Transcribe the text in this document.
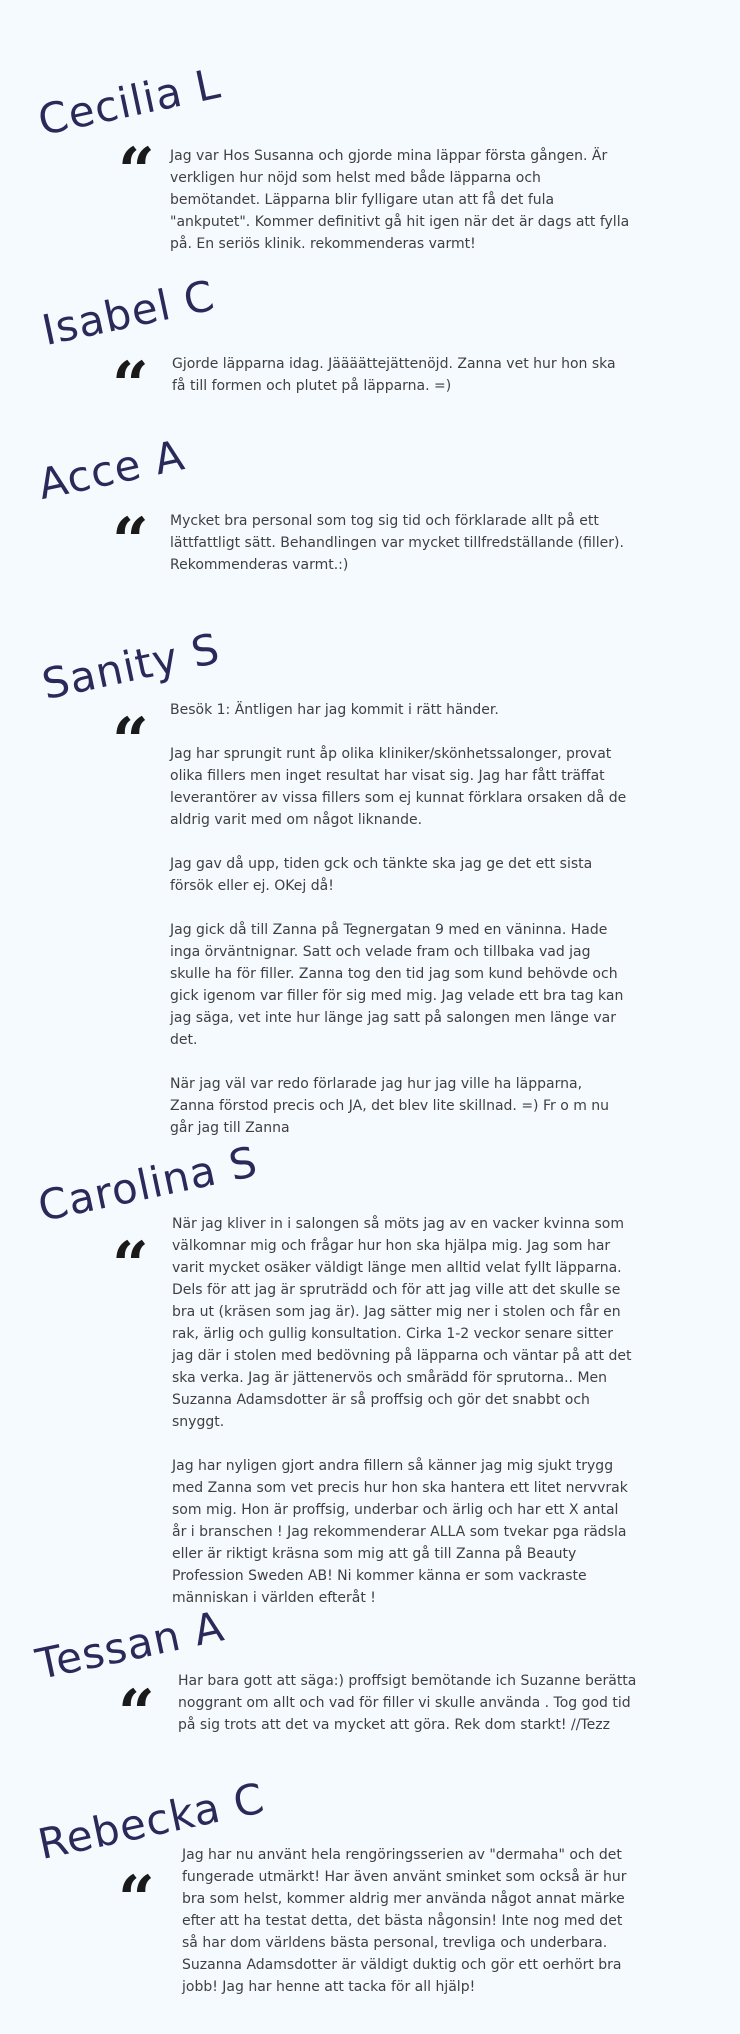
Cecilia L
“ Jag var Hos Susanna och gjorde mina läppar första gången. Är verkligen hur nöjd som helst med både läpparna och bemötandet. Läpparna blir fylligare utan att få det fula "ankputet". Kommer definitivt gå hit igen när det är dags att fylla på. En seriös klinik. rekommenderas varmt!

Isabel C
“ Gjorde läpparna idag. Jäääättejättenöjd. Zanna vet hur hon ska få till formen och plutet på läpparna. =)

Acce A
“ Mycket bra personal som tog sig tid och förklarade allt på ett lättfattligt sätt. Behandlingen var mycket tillfredställande (filler). Rekommenderas varmt.:)

Sanity S
“ Besök 1: Äntligen har jag kommit i rätt händer.

Jag har sprungit runt åp olika kliniker/skönhetssalonger, provat olika fillers men inget resultat har visat sig. Jag har fått träffat leverantörer av vissa fillers som ej kunnat förklara orsaken då de aldrig varit med om något liknande.

Jag gav då upp, tiden gck och tänkte ska jag ge det ett sista försök eller ej. OKej då!

Jag gick då till Zanna på Tegnergatan 9 med en väninna. Hade inga örväntnignar. Satt och velade fram och tillbaka vad jag skulle ha för filler. Zanna tog den tid jag som kund behövde och gick igenom var filler för sig med mig. Jag velade ett bra tag kan jag säga, vet inte hur länge jag satt på salongen men länge var det.

När jag väl var redo förlarade jag hur jag ville ha läpparna, Zanna förstod precis och JA, det blev lite skillnad. =) Fr o m nu går jag till Zanna

Carolina S
“

När jag kliver in i salongen så möts jag av en vacker kvinna som välkomnar mig och frågar hur hon ska hjälpa mig. Jag som har varit mycket osäker väldigt länge men alltid velat fyllt läpparna. Dels för att jag är spruträdd och för att jag ville att det skulle se bra ut (kräsen som jag är). Jag sätter mig ner i stolen och får en rak, ärlig och gullig konsultation. Cirka 1-2 veckor senare sitter jag där i stolen med bedövning på läpparna och väntar på att det ska verka. Jag är jättenervös och smårädd för sprutorna.. Men Suzanna Adamsdotter är så proffsig och gör det snabbt och snyggt.

Jag har nyligen gjort andra fillern så känner jag mig sjukt trygg med Zanna som vet precis hur hon ska hantera ett litet nervvrak som mig. Hon är proffsig, underbar och ärlig och har ett X antal år i branschen ! Jag rekommenderar ALLA som tvekar pga rädsla eller är riktigt kräsna som mig att gå till Zanna på Beauty Profession Sweden AB! Ni kommer känna er som vackraste människan i världen efteråt !

Tessan A
“ Har bara gott att säga:) proffsigt bemötande ich Suzanne berätta noggrant om allt och vad för filler vi skulle använda . Tog god tid på sig trots att det va mycket att göra. Rek dom starkt! //Tezz

Rebecka C
“

Jag har nu använt hela rengöringsserien av "dermaha" och det fungerade utmärkt! Har även använt sminket som också är hur bra som helst, kommer aldrig mer använda något annat märke efter att ha testat detta, det bästa någonsin! Inte nog med det så har dom världens bästa personal, trevliga och underbara. Suzanna Adamsdotter är väldigt duktig och gör ett oerhört bra jobb! Jag har henne att tacka för all hjälp!
